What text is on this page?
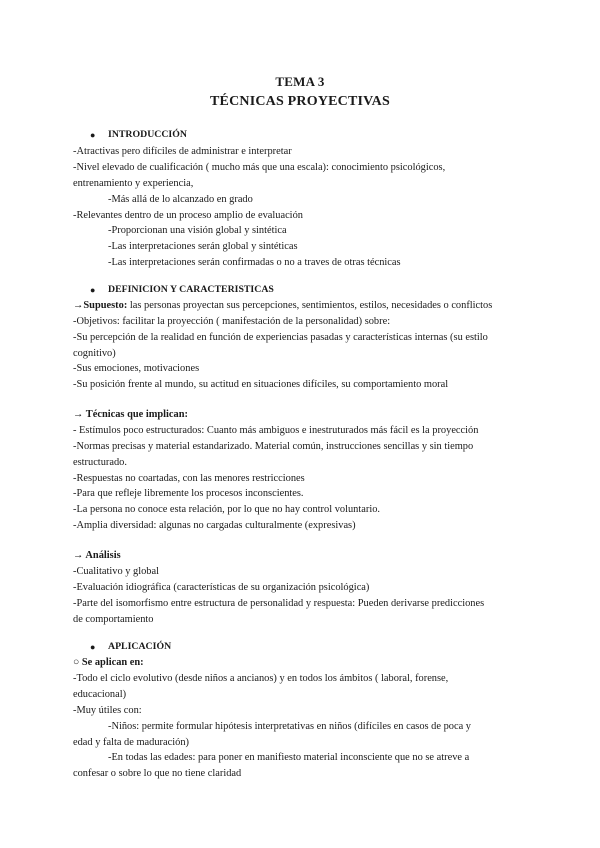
TEMA 3
TÉCNICAS PROYECTIVAS
● INTRODUCCIÓN
-Atractivas pero difíciles de administrar e interpretar
-Nivel elevado de cualificación ( mucho más que una escala): conocimiento psicológicos,
entrenamiento y experiencia,
-Más allá de lo alcanzado en grado
-Relevantes dentro de un proceso amplio de evaluación
-Proporcionan una visión global y sintética
-Las interpretaciones serán global y sintéticas
-Las interpretaciones serán confirmadas o no a traves de otras técnicas
● DEFINICION Y CARACTERISTICAS
→Supuesto: las personas proyectan sus percepciones, sentimientos, estilos, necesidades o conflictos
-Objetivos: facilitar la proyección ( manifestación de la personalidad) sobre:
-Su percepción de la realidad en función de experiencias pasadas y características internas (su estilo
cognitivo)
-Sus emociones, motivaciones
-Su posición frente al mundo, su actitud en situaciones difíciles, su comportamiento moral
→ Técnicas que implican:
- Estímulos poco estructurados: Cuanto más ambiguos e inestruturados más fácil es la proyección
-Normas precisas y material estandarizado. Material común, instrucciones sencillas y sin tiempo
estructurado.
-Respuestas no coartadas, con las menores restricciones
-Para que refleje libremente los procesos inconscientes.
-La persona no conoce esta relación, por lo que no hay control voluntario.
-Amplia diversidad: algunas no cargadas culturalmente (expresivas)
→ Análisis
-Cualitativo y global
-Evaluación idiográfica (características de su organización psicológica)
-Parte del isomorfismo entre estructura de personalidad y respuesta: Pueden derivarse predicciones
de comportamiento
● APLICACIÓN
○ Se aplican en:
-Todo el ciclo evolutivo (desde niños a ancianos) y en todos los ámbitos ( laboral, forense,
educacional)
-Muy útiles con:
-Niños: permite formular hipótesis interpretativas en niños (difíciles en casos de poca y
edad y falta de maduración)
-En todas las edades: para poner en manifiesto material inconsciente que no se atreve a
confesar o sobre lo que no tiene claridad
